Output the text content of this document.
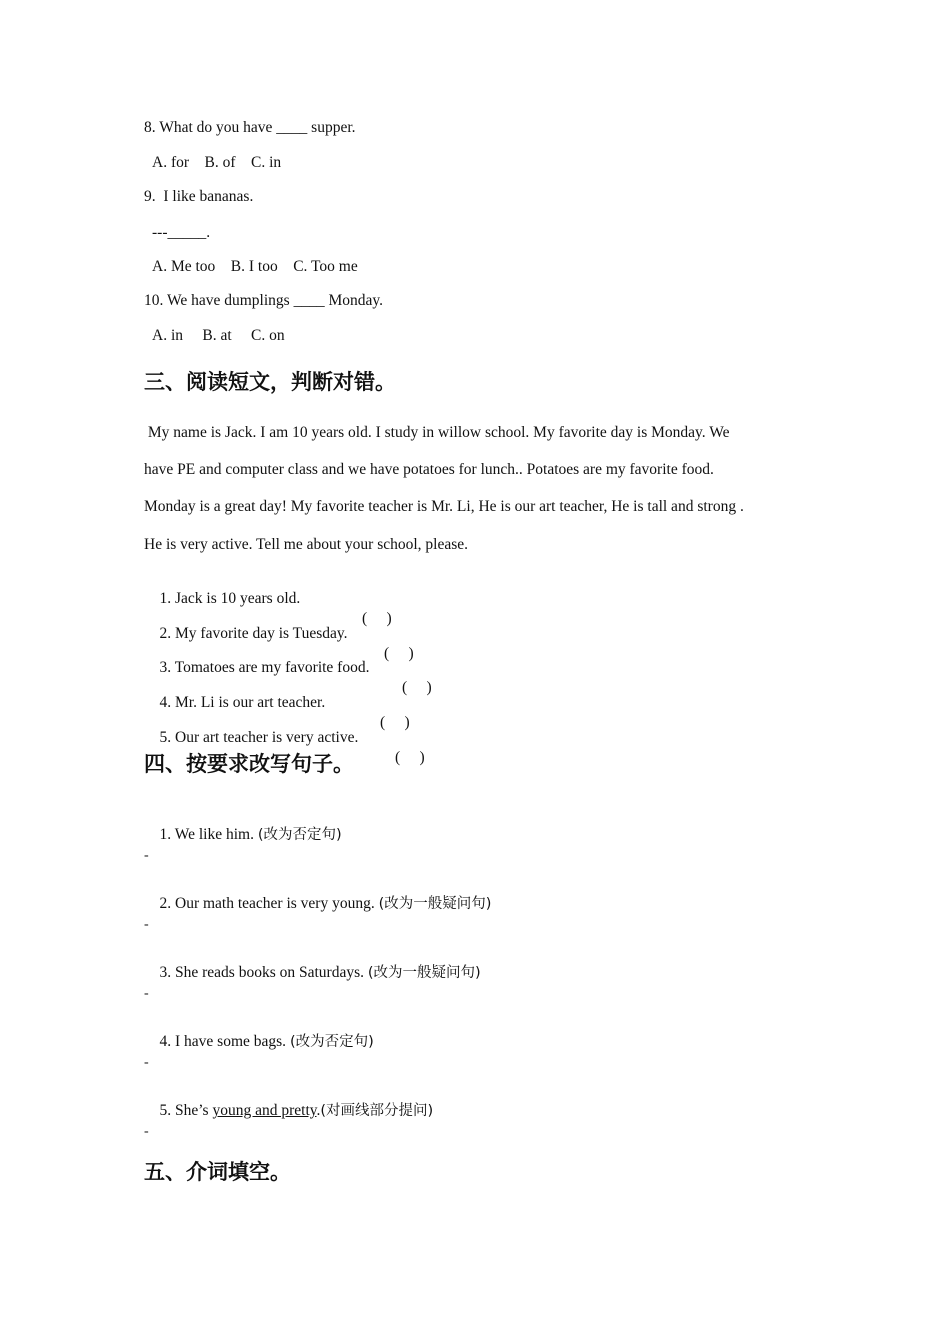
8. What do you have ____ supper.
A. for    B. of    C. in
9.  I like bananas.
---_____.
A. Me too    B. I too    C. Too me
10. We have dumplings ____ Monday.
A. in     B. at     C. on
三、阅读短文，判断对错。
My name is Jack. I am 10 years old. I study in willow school. My favorite day is Monday. We
have PE and computer class and we have potatoes for lunch.. Potatoes are my favorite food.
Monday is a great day! My favorite teacher is Mr. Li, He is our art teacher, He is tall and strong .
He is very active. Tell me about your school, please.

1. Jack is 10 years old.

(     )

2. My favorite day is Tuesday.

(     )

3. Tomatoes are my favorite food.

(     )

4. Mr. Li is our art teacher.

(     )

5. Our art teacher is very active.

(     )

四、按要求改写句子。

1. We like him. (改为否定句)

-

2. Our math teacher is very young. (改为一般疑问句)

-

3. She reads books on Saturdays. (改为一般疑问句)

-

4. I have some bags. (改为否定句)

-

5. She’s young and pretty.(对画线部分提问)

-
五、介词填空。
